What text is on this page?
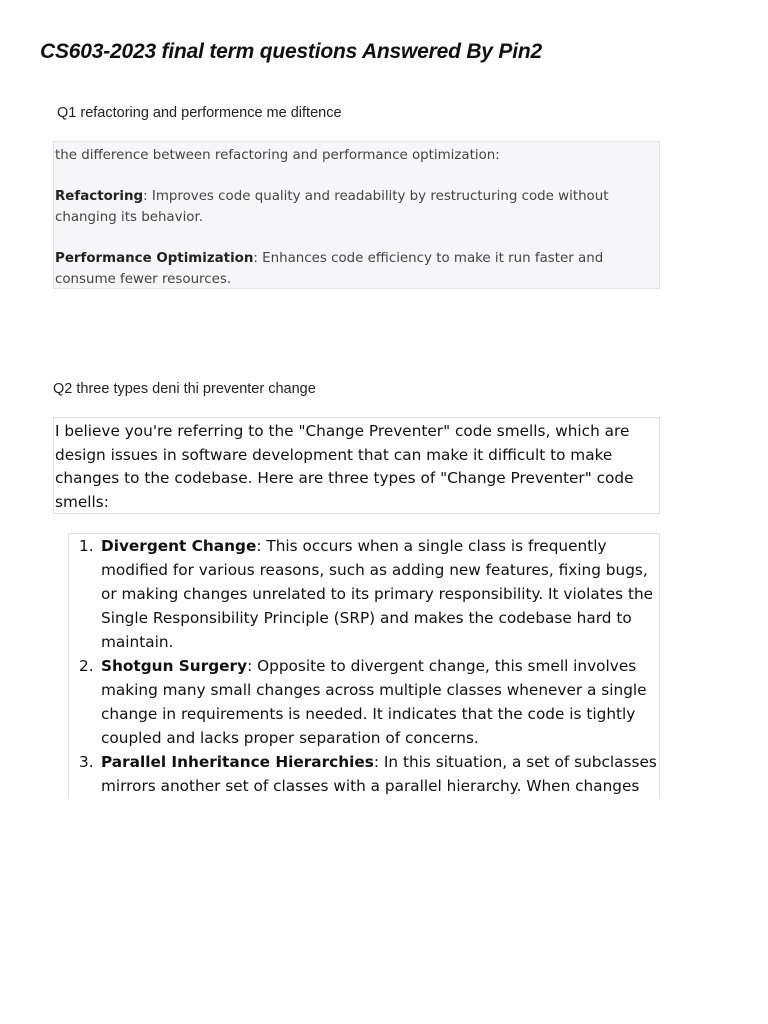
CS603-2023 final term questions Answered By Pin2

Q1 refactoring and performence me diftence

the difference between refactoring and performance optimization:

Refactoring: Improves code quality and readability by restructuring code without changing its behavior.

Performance Optimization: Enhances code efficiency to make it run faster and consume fewer resources.

Q2 three types deni thi preventer change

I believe you're referring to the "Change Preventer" code smells, which are design issues in software development that can make it difficult to make changes to the codebase. Here are three types of "Change Preventer" code smells:
1. Divergent Change: This occurs when a single class is frequently modified for various reasons, such as adding new features, fixing bugs, or making changes unrelated to its primary responsibility. It violates the Single Responsibility Principle (SRP) and makes the codebase hard to maintain.
2. Shotgun Surgery: Opposite to divergent change, this smell involves making many small changes across multiple classes whenever a single change in requirements is needed. It indicates that the code is tightly coupled and lacks proper separation of concerns.
3. Parallel Inheritance Hierarchies: In this situation, a set of subclasses mirrors another set of classes with a parallel hierarchy. When changes
